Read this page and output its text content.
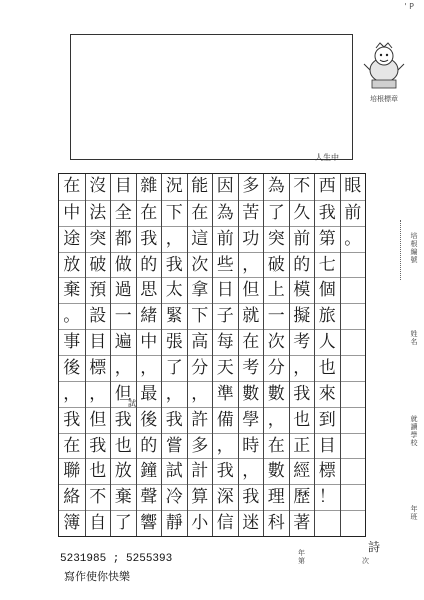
' P
培根標章
眼
前
。
西
我
第
七
個
旅
人
也
來
到
目
標
！
不
久
前
的
模
擬
考
，
我
也
正
經
歷
著
為
了
突
破
上
一
次
分
數
，
在
數
理
科
多
苦
功
，
但
就
在
考
數
學
時
，
我
迷
因
為
前
些
日
子
每
天
準
備
，
我
深
信
能
在
這
次
拿
下
高
分
，
許
多
計
算
小
況
下
，
我
太
緊
張
了
，
我
嘗
試
冷
靜
雜
在
我
的
思
緒
中
，
最
後
的
鐘
聲
響
目
全
都
做
過
一
遍
，
但
我
也
放
棄
了
沒
法
突
破
預
設
目
標
，
但
我
也
不
自
在
中
途
放
棄
。
事
後
，
我
在
聯
絡
簿
培根編號
姓名
就讀學校
年班
年
第	次
人生中
詩
試
5231985 ; 5255393
寫作使你快樂
